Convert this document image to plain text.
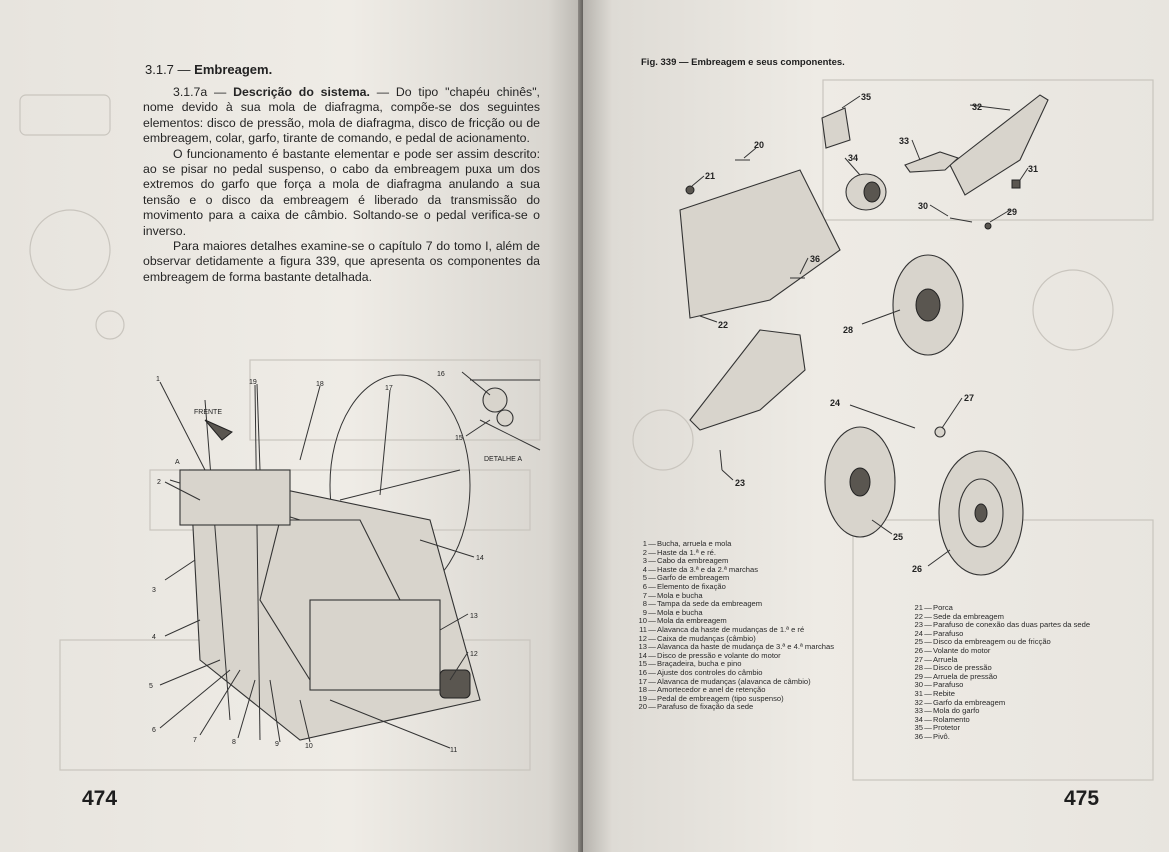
3.1.7 — Embreagem.

3.1.7a — Descrição do sistema. — Do tipo "chapéu chinês", nome devido à sua mola de diafragma, compõe-se dos seguintes elementos: disco de pressão, mola de diafragma, disco de fricção ou de embreagem, colar, garfo, tirante de comando, e pedal de acionamento.

O funcionamento é bastante elementar e pode ser assim descrito: ao se pisar no pedal suspenso, o cabo da embreagem puxa um dos extremos do garfo que força a mola de diafragma anulando a sua tensão e o disco da embreagem é liberado da transmissão do movimento para a caixa de câmbio. Soltando-se o pedal verifica-se o inverso.

Para maiores detalhes examine-se o capítulo 7 do tomo I, além de observar detidamente a figura 339, que apresenta os componentes da embreagem de forma bastante detalhada.

FRENTE
DETALHE A
A
1
2
3
4
5
6
7	8	9	10
11
12
13
14
15
16
17
18
19
474
Fig. 339 — Embreagem e seus componentes.
35
34
32
33
31
30
29
20
21
36
22
23
28
24	27
25
26
1 — Bucha, arruela e mola
2 — Haste da 1.ª e ré.
3 — Cabo da embreagem
4 — Haste da 3.ª e da 2.ª marchas
5 — Garfo de embreagem
6 — Elemento de fixação
7 — Mola e bucha
8 — Tampa da sede da embreagem
9 — Mola e bucha
10 — Mola da embreagem
11 — Alavanca da haste de mudanças de 1.ª e ré
12 — Caixa de mudanças (câmbio)
13 — Alavanca da haste de mudança de 3.ª e 4.ª marchas
14 — Disco de pressão e volante do motor
15 — Braçadeira, bucha e pino
16 — Ajuste dos controles do câmbio
17 — Alavanca de mudanças (alavanca de câmbio)
18 — Amortecedor e anel de retenção
19 — Pedal de embreagem (tipo suspenso)
20 — Parafuso de fixação da sede
21 — Porca
22 — Sede da embreagem
23 — Parafuso de conexão das duas partes da sede
24 — Parafuso
25 — Disco da embreagem ou de fricção
26 — Volante do motor
27 — Arruela
28 — Disco de pressão
29 — Arruela de pressão
30 — Parafuso
31 — Rebite
32 — Garfo da embreagem
33 — Mola do garfo
34 — Rolamento
35 — Protetor
36 — Pivô.
475
